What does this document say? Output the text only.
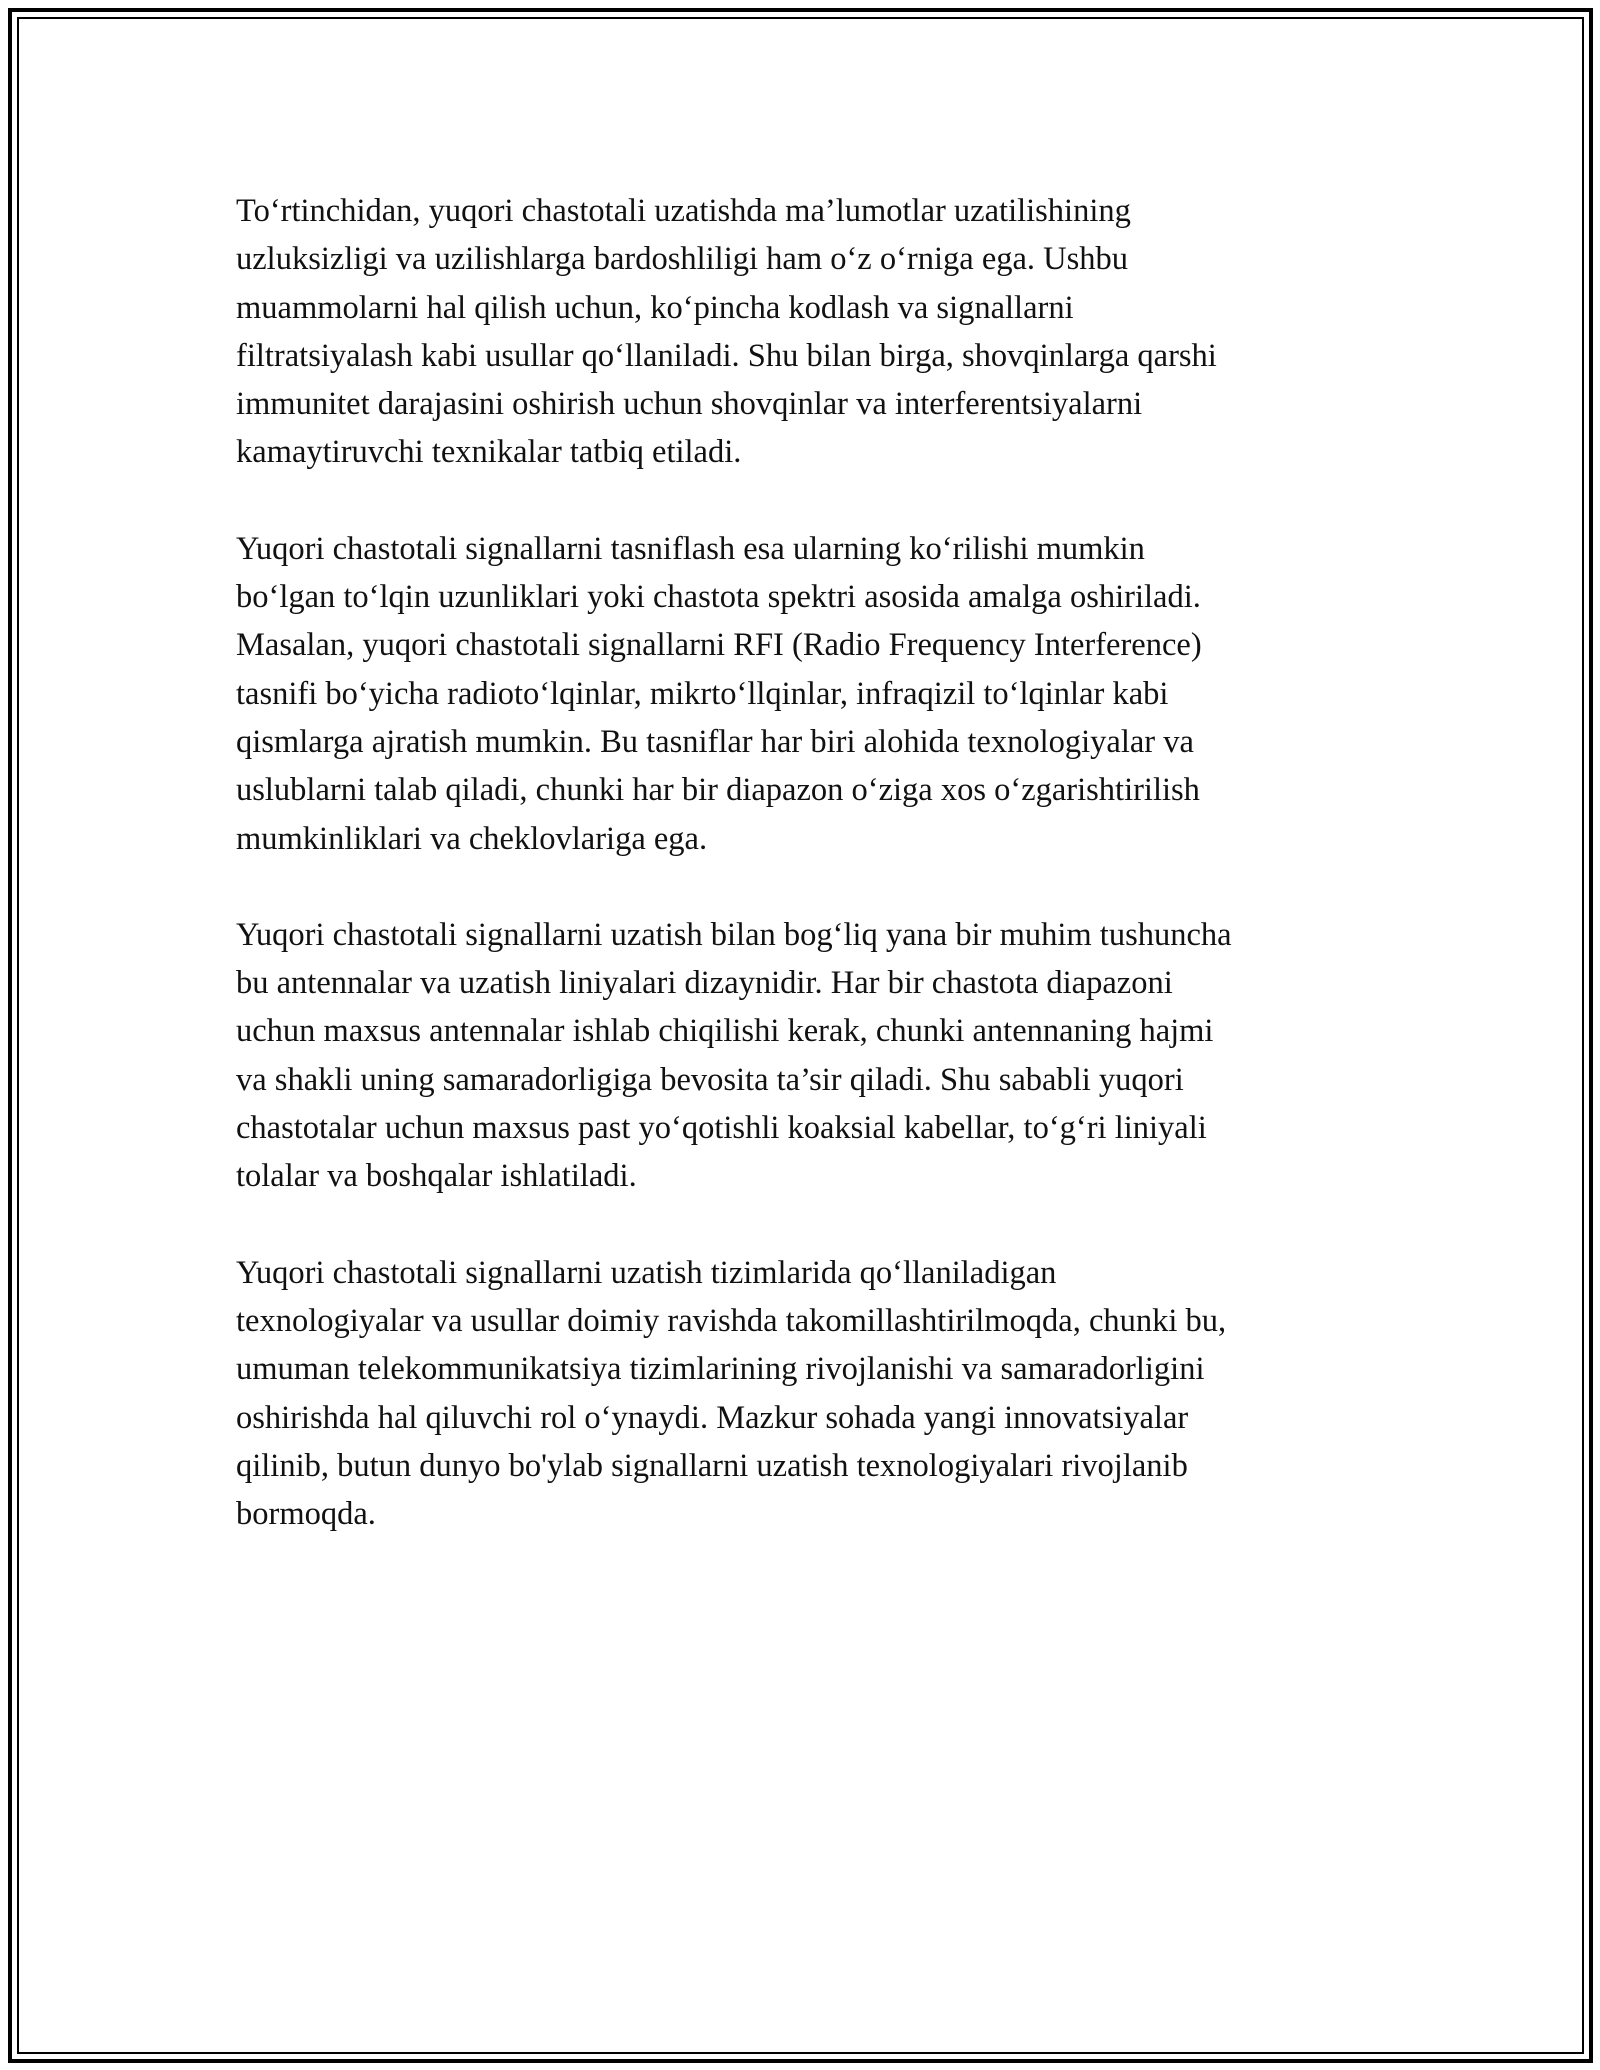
To‘rtinchidan, yuqori chastotali uzatishda ma’lumotlar uzatilishining
uzluksizligi va uzilishlarga bardoshliligi ham o‘z o‘rniga ega. Ushbu
muammolarni hal qilish uchun, ko‘pincha kodlash va signallarni
filtratsiyalash kabi usullar qo‘llaniladi. Shu bilan birga, shovqinlarga qarshi
immunitet darajasini oshirish uchun shovqinlar va interferentsiyalarni
kamaytiruvchi texnikalar tatbiq etiladi.

Yuqori chastotali signallarni tasniflash esa ularning ko‘rilishi mumkin
bo‘lgan to‘lqin uzunliklari yoki chastota spektri asosida amalga oshiriladi.
Masalan, yuqori chastotali signallarni RFI (Radio Frequency Interference)
tasnifi bo‘yicha radioto‘lqinlar, mikrto‘llqinlar, infraqizil to‘lqinlar kabi
qismlarga ajratish mumkin. Bu tasniflar har biri alohida texnologiyalar va
uslublarni talab qiladi, chunki har bir diapazon o‘ziga xos o‘zgarishtirilish
mumkinliklari va cheklovlariga ega.

Yuqori chastotali signallarni uzatish bilan bog‘liq yana bir muhim tushuncha
bu antennalar va uzatish liniyalari dizaynidir. Har bir chastota diapazoni
uchun maxsus antennalar ishlab chiqilishi kerak, chunki antennaning hajmi
va shakli uning samaradorligiga bevosita ta’sir qiladi. Shu sababli yuqori
chastotalar uchun maxsus past yo‘qotishli koaksial kabellar, to‘g‘ri liniyali
tolalar va boshqalar ishlatiladi.

Yuqori chastotali signallarni uzatish tizimlarida qo‘llaniladigan
texnologiyalar va usullar doimiy ravishda takomillashtirilmoqda, chunki bu,
umuman telekommunikatsiya tizimlarining rivojlanishi va samaradorligini
oshirishda hal qiluvchi rol o‘ynaydi. Mazkur sohada yangi innovatsiyalar
qilinib, butun dunyo bo'ylab signallarni uzatish texnologiyalari rivojlanib
bormoqda.
